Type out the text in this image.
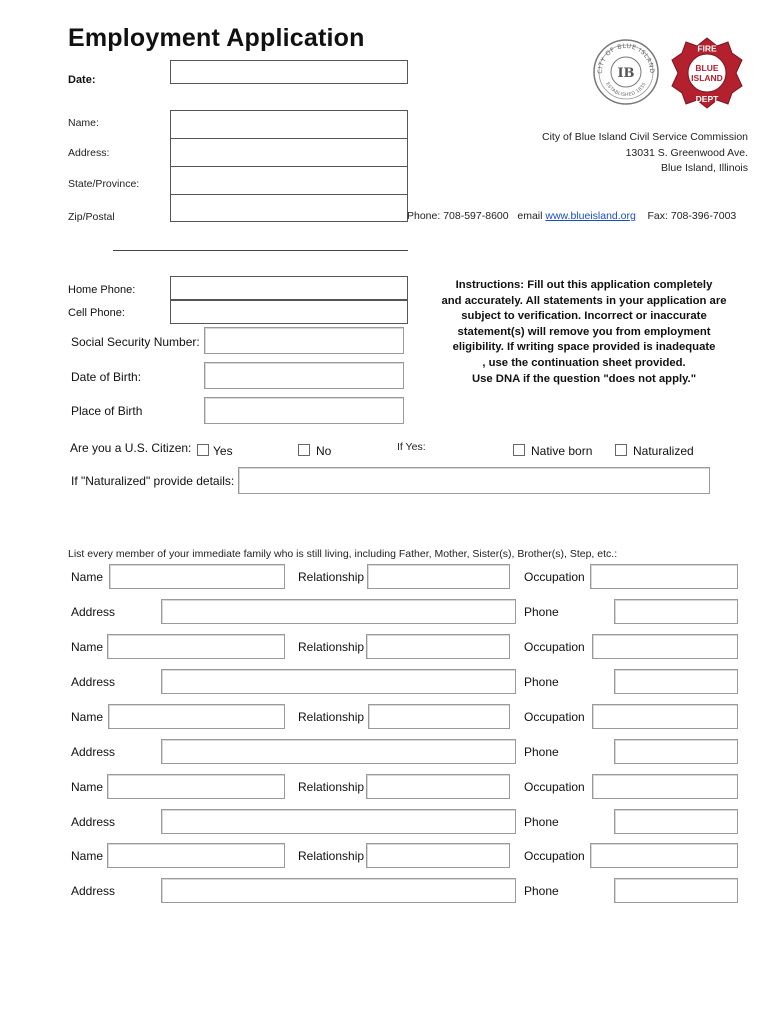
Employment Application
Date:
Name:
Address:
State/Province:
Zip/Postal
CITY OF BLUE ISLAND
ESTABLISHED 1835
IB
FIRE
BLUE
ISLAND
DEPT
City of Blue Island Civil Service Commission
13031 S. Greenwood Ave.
Blue Island, Illinois
Phone: 708-597-8600 email www.blueisland.org Fax: 708-396-7003
Home Phone:
Cell Phone:
Instructions: Fill out this application completely
and accurately. All statements in your application are
subject to verification. Incorrect or inaccurate
statement(s) will remove you from employment
eligibility. If writing space provided is inadequate
, use the continuation sheet provided.
Use DNA if the question "does not apply."
Social Security Number:
Date of Birth:
Place of Birth
Are you a U.S. Citizen: Yes	No	If Yes:	Native born	Naturalized
If "Naturalized" provide details:
List every member of your immediate family who is still living, including Father, Mother, Sister(s), Brother(s), Step, etc.:
Name	Relationship	Occupation
Address	Phone
Name	Relationship	Occupation
Address	Phone
Name	Relationship	Occupation
Address	Phone
Name	Relationship	Occupation
Address	Phone
Name	Relationship	Occupation
Address	Phone
